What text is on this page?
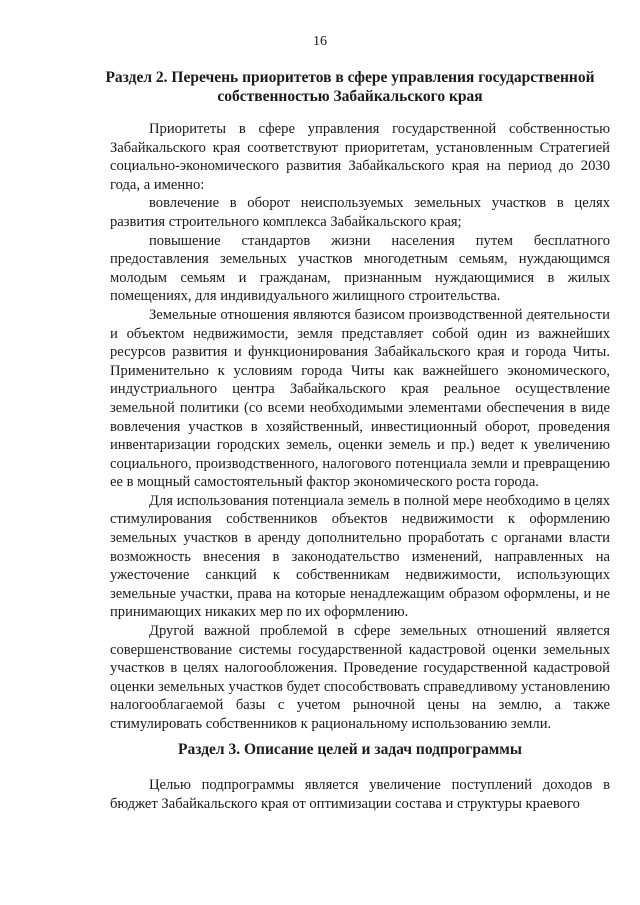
16
Раздел 2. Перечень приоритетов в сфере управления государственной
собственностью Забайкальского края

Приоритеты в сфере управления государственной собственностью Забайкальского края соответствуют приоритетам, установленным Стратегией социально-экономического развития Забайкальского края на период до 2030 года, а именно:

вовлечение в оборот неиспользуемых земельных участков в целях развития строительного комплекса Забайкальского края;

повышение стандартов жизни населения путем бесплатного предоставления земельных участков многодетным семьям, нуждающимся молодым семьям и гражданам, признанным нуждающимися в жилых помещениях, для индивидуального жилищного строительства.

Земельные отношения являются базисом производственной деятельности и объектом недвижимости, земля представляет собой один из важнейших ресурсов развития и функционирования Забайкальского края и города Читы. Применительно к условиям города Читы как важнейшего экономического, индустриального центра Забайкальского края реальное осуществление земельной политики (со всеми необходимыми элементами обеспечения в виде вовлечения участков в хозяйственный, инвестиционный оборот, проведения инвентаризации городских земель, оценки земель и пр.) ведет к увеличению социального, производственного, налогового потенциала земли и превращению ее в мощный самостоятельный фактор экономического роста города.

Для использования потенциала земель в полной мере необходимо в целях стимулирования собственников объектов недвижимости к оформлению земельных участков в аренду дополнительно проработать с органами власти возможность внесения в законодательство изменений, направленных на ужесточение санкций к собственникам недвижимости, использующих земельные участки, права на которые ненадлежащим образом оформлены, и не принимающих никаких мер по их оформлению.

Другой важной проблемой в сфере земельных отношений является совершенствование системы государственной кадастровой оценки земельных участков в целях налогообложения. Проведение государственной кадастровой оценки земельных участков будет способствовать справедливому установлению налогооблагаемой базы с учетом рыночной цены на землю, а также стимулировать собственников к рациональному использованию земли.

Раздел 3. Описание целей и задач подпрограммы

Целью подпрограммы является увеличение поступлений доходов в бюджет Забайкальского края от оптимизации состава и структуры краевого
